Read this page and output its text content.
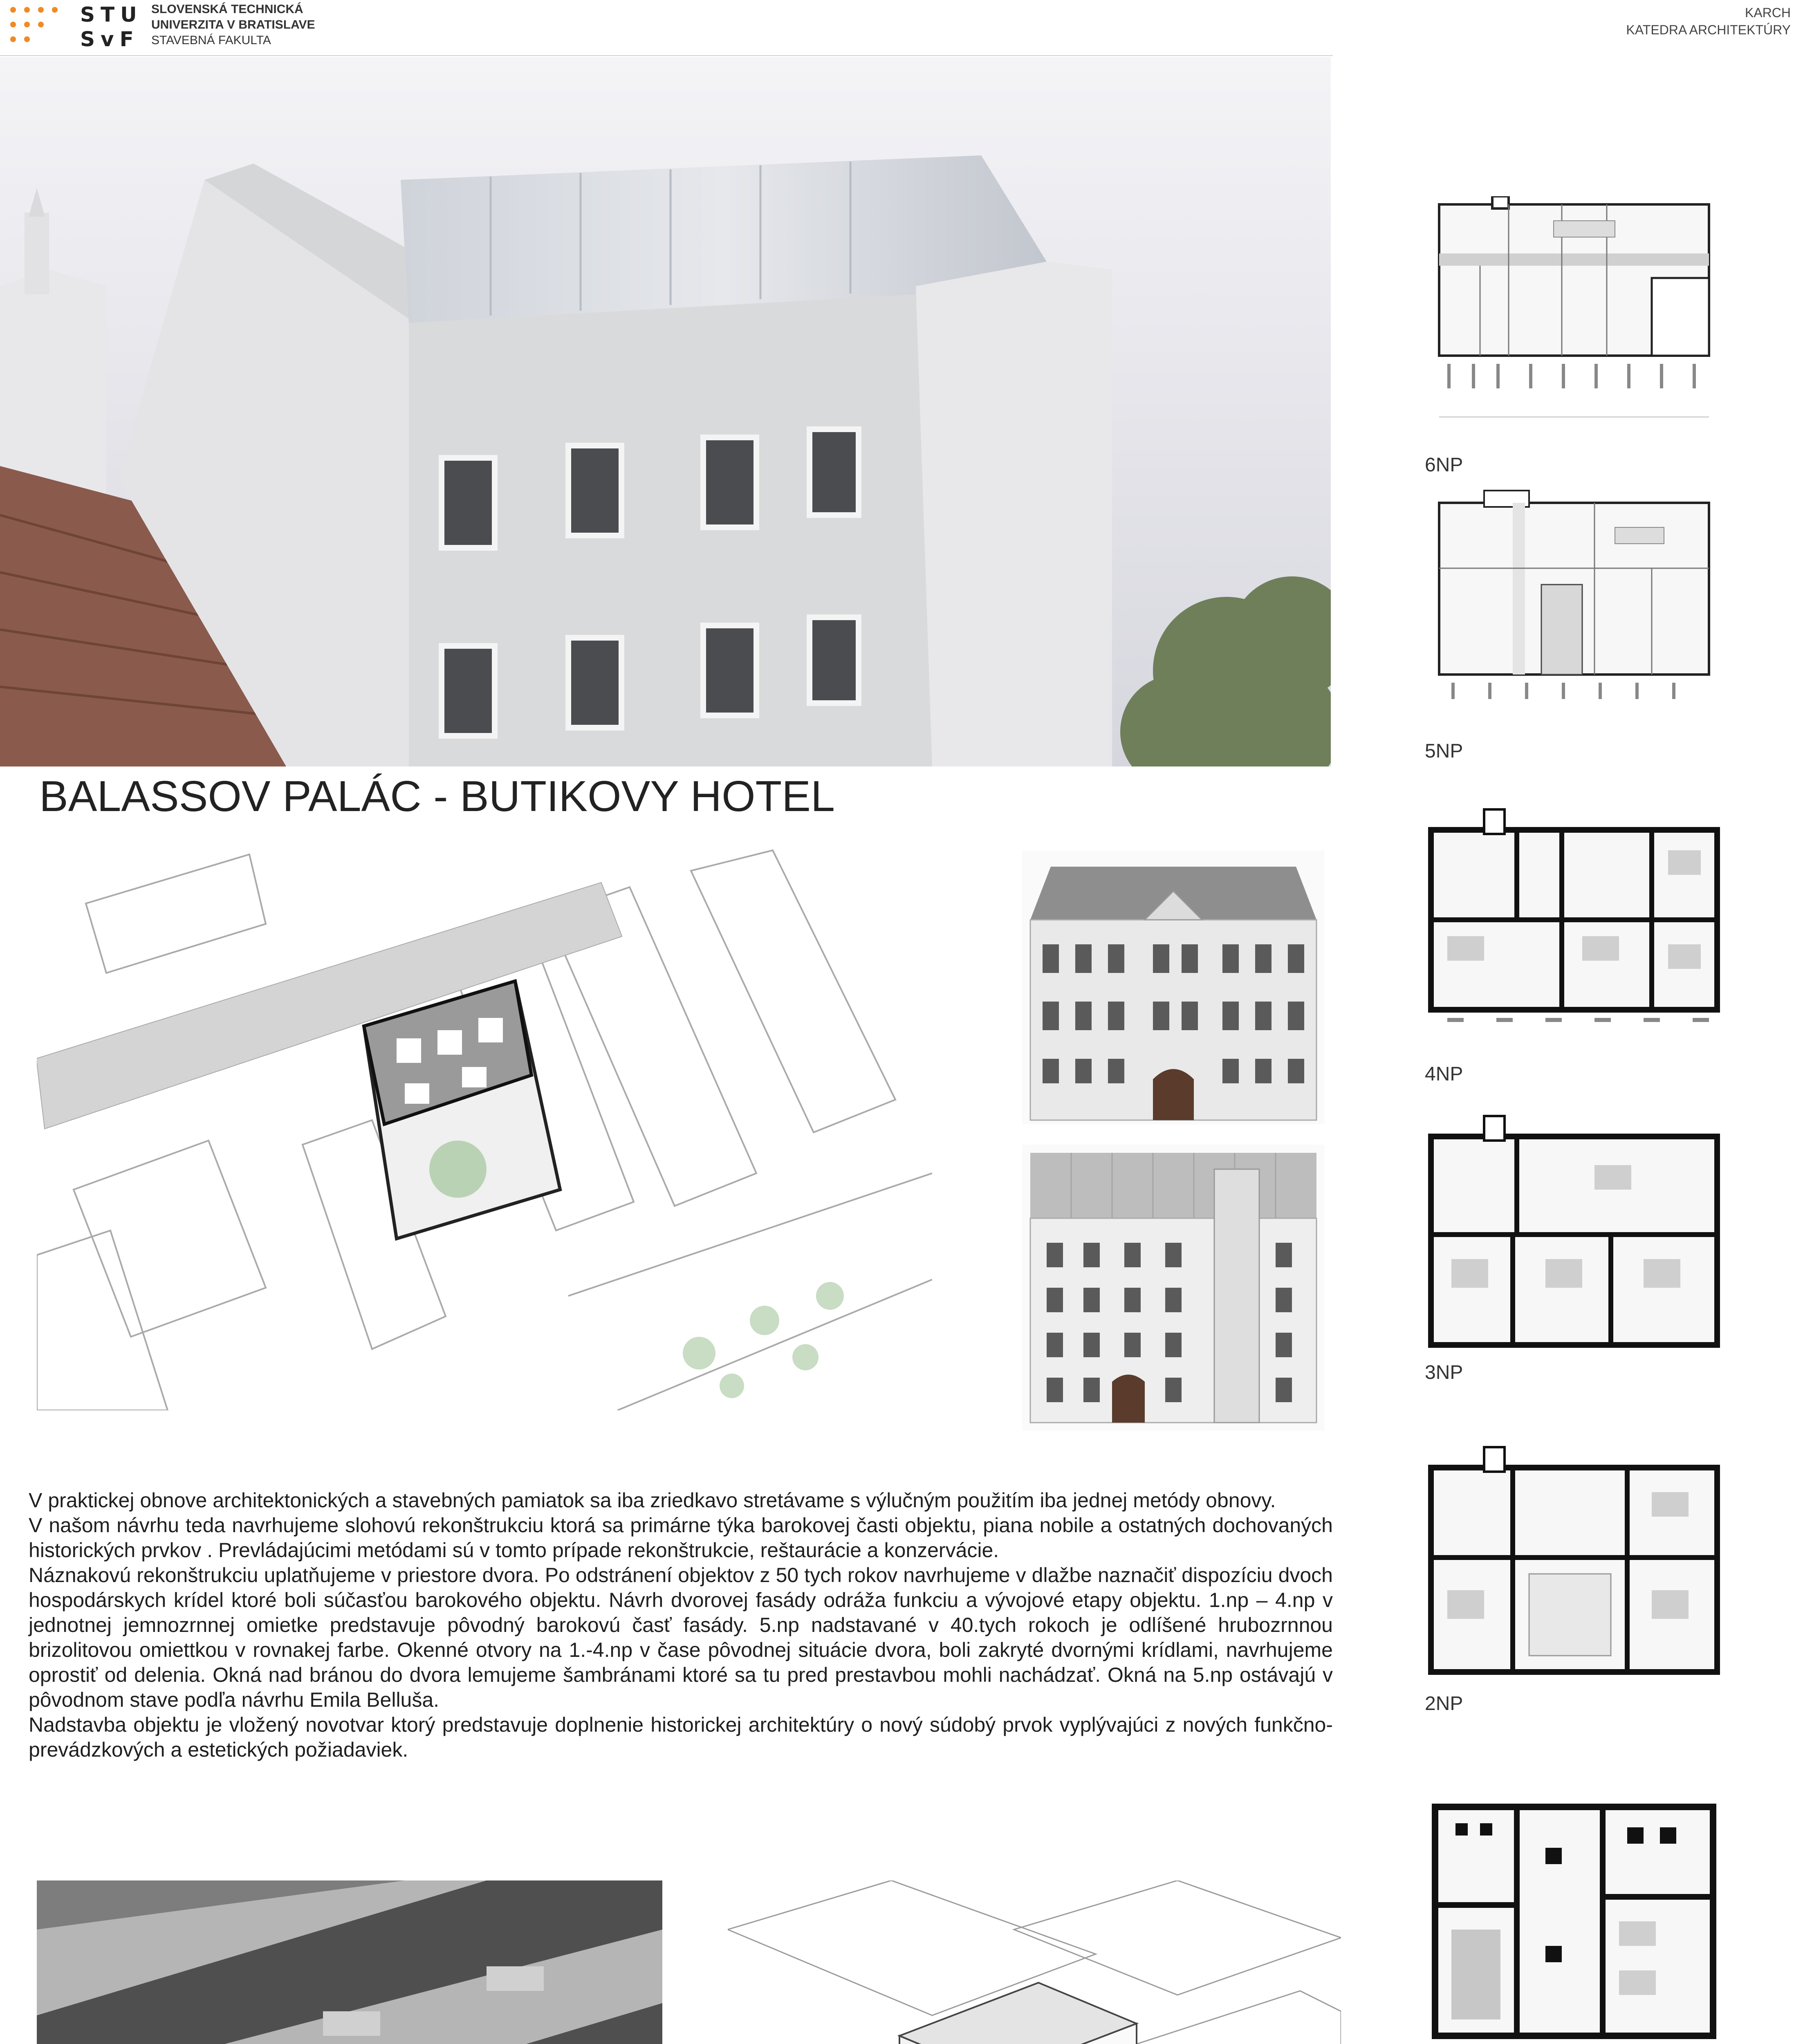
STU
SvF
SLOVENSKÁ TECHNICKÁ
UNIVERZITA V BRATISLAVE
STAVEBNÁ FAKULTA
KARCH
KATEDRA ARCHITEKTÚRY
BALASSOV PALÁC - BUTIKOVY HOTEL

V praktickej obnove architektonických a stavebných pamiatok sa iba zriedkavo stretávame s výlučným použitím iba jednej metódy obnovy.

V našom návrhu teda navrhujeme slohovú rekonštrukciu ktorá sa primárne týka barokovej časti objektu, piana nobile a ostatných dochovaných historických prvkov . Prevládajúcimi metódami sú v tomto prípade rekonštrukcie, reštaurácie a konzervácie.

Náznakovú rekonštrukciu uplatňujeme v priestore dvora. Po odstránení objektov z 50 tych rokov navrhujeme v dlažbe naznačiť dispozíciu dvoch hospodárskych krídel ktoré boli súčasťou barokového objektu. Návrh dvorovej fasády odráža funkciu a vývojové etapy objektu. 1.np – 4.np v jednotnej jemnozrnnej omietke predstavuje pôvodný barokovú časť fasády. 5.np nadstavané v 40.tych rokoch je odlíšené hrubozrnnou brizolitovou omiettkou v rovnakej farbe. Okenné otvory na 1.-4.np v čase pôvodnej situácie dvora, boli zakryté dvornými krídlami, navrhujeme oprostiť od delenia. Okná nad bránou do dvora lemujeme šambránami ktoré sa tu pred prestavbou mohli nachádzať. Okná na 5.np ostávajú v pôvodnom stave podľa návrhu Emila Belluša.

Nadstavba objektu je vložený novotvar ktorý predstavuje doplnenie historickej architektúry o nový súdobý prvok vyplývajúci z nových funkčno-prevádzkových a estetických požiadaviek.

6NP
5NP
4NP
3NP
2NP
